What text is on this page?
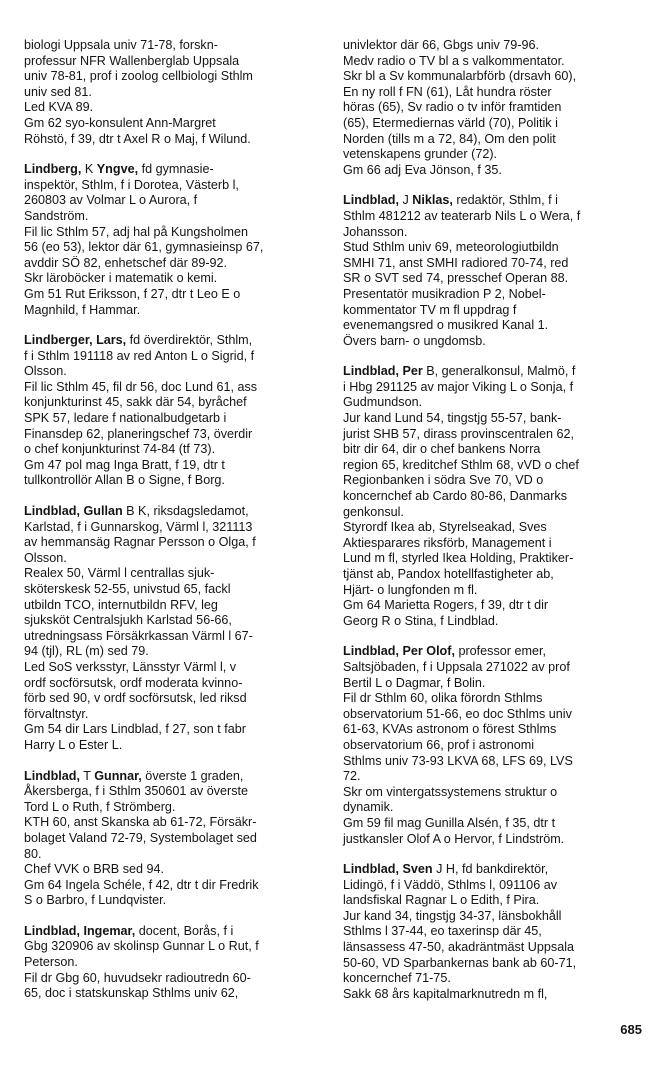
biologi Uppsala univ 71-78, forskn-
professur NFR Wallenberglab Uppsala
univ 78-81, prof i zoolog cellbiologi Sthlm
univ sed 81.
Led KVA 89.
Gm 62 syo-konsulent Ann-Margret
Röhstö, f 39, dtr t Axel R o Maj, f Wilund.
Lindberg, K Yngve, fd gymnasie-
inspektör, Sthlm, f i Dorotea, Västerb l,
260803 av Volmar L o Aurora, f
Sandström.
Fil lic Sthlm 57, adj hal på Kungsholmen
56 (eo 53), lektor där 61, gymnasieinsp 67,
avddir SÖ 82, enhetschef där 89-92.
Skr läroböcker i matematik o kemi.
Gm 51 Rut Eriksson, f 27, dtr t Leo E o
Magnhild, f Hammar.
Lindberger, Lars, fd överdirektör, Sthlm,
f i Sthlm 191118 av red Anton L o Sigrid, f
Olsson.
Fil lic Sthlm 45, fil dr 56, doc Lund 61, ass
konjunkturinst 45, sakk där 54, byråchef
SPK 57, ledare f nationalbudgetarb i
Finansdep 62, planeringschef 73, överdir
o chef konjunkturinst 74-84 (tf 73).
Gm 47 pol mag Inga Bratt, f 19, dtr t
tullkontrollör Allan B o Signe, f Borg.
Lindblad, Gullan B K, riksdagsledamot,
Karlstad, f i Gunnarskog, Värml l, 321113
av hemmansäg Ragnar Persson o Olga, f
Olsson.
Realex 50, Värml l centrallas sjuk-
sköterskesk 52-55, univstud 65, fackl
utbildn TCO, internutbildn RFV, leg
sjuksköt Centralsjukh Karlstad 56-66,
utredningsass Försäkrkassan Värml l 67-
94 (tjl), RL (m) sed 79.
Led SoS verksstyr, Länsstyr Värml l, v
ordf socförsutsk, ordf moderata kvinno-
förb sed 90, v ordf socförsutsk, led riksd
förvaltnstyr.
Gm 54 dir Lars Lindblad, f 27, son t fabr
Harry L o Ester L.
Lindblad, T Gunnar, överste 1 graden,
Åkersberga, f i Sthlm 350601 av överste
Tord L o Ruth, f Strömberg.
KTH 60, anst Skanska ab 61-72, Försäkr-
bolaget Valand 72-79, Systembolaget sed
80.
Chef VVK o BRB sed 94.
Gm 64 Ingela Schéle, f 42, dtr t dir Fredrik
S o Barbro, f Lundqvister.
Lindblad, Ingemar, docent, Borås, f i
Gbg 320906 av skolinsp Gunnar L o Rut, f
Peterson.
Fil dr Gbg 60, huvudsekr radioutredn 60-
65, doc i statskunskap Sthlms univ 62,
univlektor där 66, Gbgs univ 79-96.
Medv radio o TV bl a s valkommentator.
Skr bl a Sv kommunalarbförb (drsavh 60),
En ny roll f FN (61), Låt hundra röster
höras (65), Sv radio o tv inför framtiden
(65), Etermediernas värld (70), Politik i
Norden (tills m a 72, 84), Om den polit
vetenskapens grunder (72).
Gm 66 adj Eva Jönson, f 35.
Lindblad, J Niklas, redaktör, Sthlm, f i
Sthlm 481212 av teaterarb Nils L o Wera, f
Johansson.
Stud Sthlm univ 69, meteorologiutbildn
SMHI 71, anst SMHI radiored 70-74, red
SR o SVT sed 74, presschef Operan 88.
Presentatör musikradion P 2, Nobel-
kommentator TV m fl uppdrag f
evenemangsred o musikred Kanal 1.
Övers barn- o ungdomsb.
Lindblad, Per B, generalkonsul, Malmö, f
i Hbg 291125 av major Viking L o Sonja, f
Gudmundson.
Jur kand Lund 54, tingstjg 55-57, bank-
jurist SHB 57, dirass provinscentralen 62,
bitr dir 64, dir o chef bankens Norra
region 65, kreditchef Sthlm 68, vVD o chef
Regionbanken i södra Sve 70, VD o
koncernchef ab Cardo 80-86, Danmarks
genkonsul.
Styrordf Ikea ab, Styrelseakad, Sves
Aktiesparares riksförb, Management i
Lund m fl, styrled Ikea Holding, Praktiker-
tjänst ab, Pandox hotellfastigheter ab,
Hjärt- o lungfonden m fl.
Gm 64 Marietta Rogers, f 39, dtr t dir
Georg R o Stina, f Lindblad.
Lindblad, Per Olof, professor emer,
Saltsjöbaden, f i Uppsala 271022 av prof
Bertil L o Dagmar, f Bolin.
Fil dr Sthlm 60, olika förordn Sthlms
observatorium 51-66, eo doc Sthlms univ
61-63, KVAs astronom o förest Sthlms
observatorium 66, prof i astronomi
Sthlms univ 73-93 LKVA 68, LFS 69, LVS
72.
Skr om vintergatssystemens struktur o
dynamik.
Gm 59 fil mag Gunilla Alsén, f 35, dtr t
justkansler Olof A o Hervor, f Lindström.
Lindblad, Sven J H, fd bankdirektör,
Lidingö, f i Väddö, Sthlms l, 091106 av
landsfiskal Ragnar L o Edith, f Pira.
Jur kand 34, tingstjg 34-37, länsbokhåll
Sthlms l 37-44, eo taxerinsp där 45,
länsassess 47-50, akadräntmäst Uppsala
50-60, VD Sparbankernas bank ab 60-71,
koncernchef 71-75.
Sakk 68 års kapitalmarknutredn m fl,
685
